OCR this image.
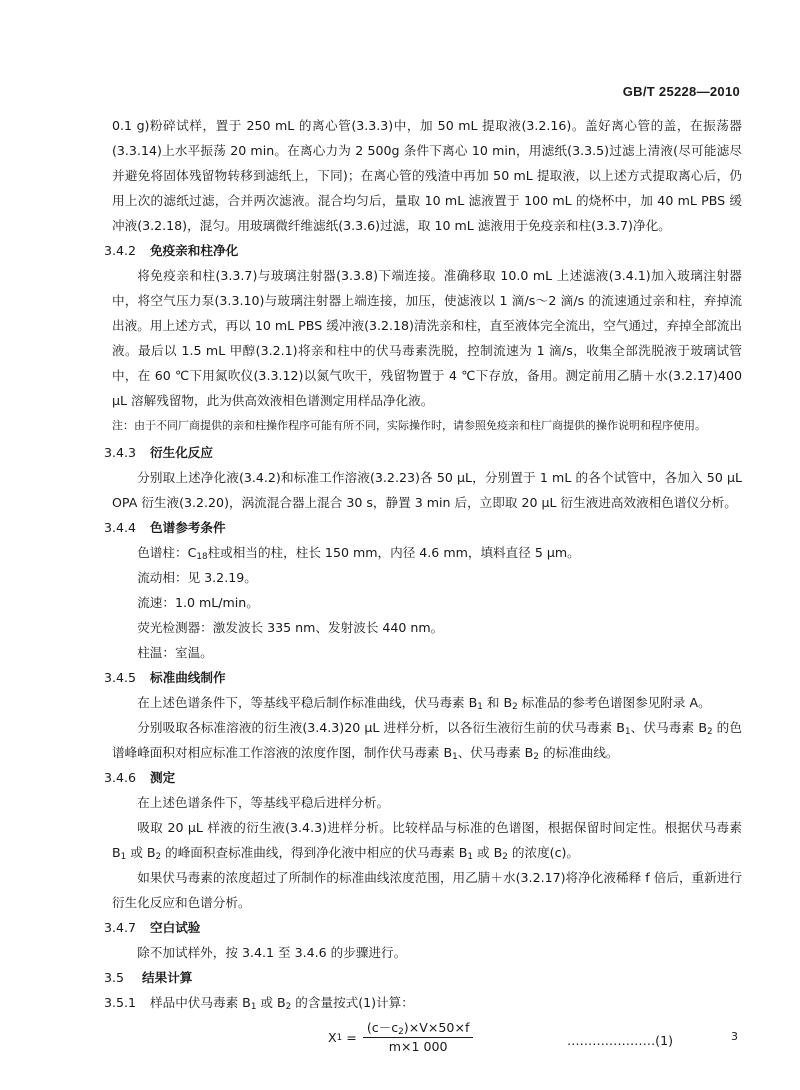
GB/T 25228—2010

0.1 g)粉碎试样，置于 250 mL 的离心管(3.3.3)中，加 50 mL 提取液(3.2.16)。盖好离心管的盖，在振荡器(3.3.14)上水平振荡 20 min。在离心力为 2 500g 条件下离心 10 min，用滤纸(3.3.5)过滤上清液(尽可能滤尽并避免将固体残留物转移到滤纸上，下同)；在离心管的残渣中再加 50 mL 提取液，以上述方式提取离心后，仍用上次的滤纸过滤，合并两次滤液。混合均匀后，量取 10 mL 滤液置于 100 mL 的烧杯中，加 40 mL PBS 缓冲液(3.2.18)，混匀。用玻璃微纤维滤纸(3.3.6)过滤，取 10 mL 滤液用于免疫亲和柱(3.3.7)净化。

3.4.2 免疫亲和柱净化

将免疫亲和柱(3.3.7)与玻璃注射器(3.3.8)下端连接。准确移取 10.0 mL 上述滤液(3.4.1)加入玻璃注射器中，将空气压力泵(3.3.10)与玻璃注射器上端连接，加压，使滤液以 1 滴/s～2 滴/s 的流速通过亲和柱，弃掉流出液。用上述方式，再以 10 mL PBS 缓冲液(3.2.18)清洗亲和柱，直至液体完全流出，空气通过，弃掉全部流出液。最后以 1.5 mL 甲醇(3.2.1)将亲和柱中的伏马毒素洗脱，控制流速为 1 滴/s，收集全部洗脱液于玻璃试管中，在 60 ℃下用氮吹仪(3.3.12)以氮气吹干，残留物置于 4 ℃下存放，备用。测定前用乙腈＋水(3.2.17)400 μL 溶解残留物，此为供高效液相色谱测定用样品净化液。

注：由于不同厂商提供的亲和柱操作程序可能有所不同，实际操作时，请参照免疫亲和柱厂商提供的操作说明和程序使用。

3.4.3 衍生化反应

分别取上述净化液(3.4.2)和标准工作溶液(3.2.23)各 50 μL，分别置于 1 mL 的各个试管中，各加入 50 μL OPA 衍生液(3.2.20)，涡流混合器上混合 30 s，静置 3 min 后，立即取 20 μL 衍生液进高效液相色谱仪分析。

3.4.4 色谱参考条件

色谱柱：$C_{18}$柱或相当的柱，柱长 150 mm，内径 4.6 mm，填料直径 5 μm。

流动相：见 3.2.19。

流速：1.0 mL/min。

荧光检测器：激发波长 335 nm、发射波长 440 nm。

柱温：室温。

3.4.5 标准曲线制作

在上述色谱条件下，等基线平稳后制作标准曲线，伏马毒素 $B_1$ 和 $B_2$ 标准品的参考色谱图参见附录 A。

分别吸取各标准溶液的衍生液(3.4.3)20 μL 进样分析，以各衍生液衍生前的伏马毒素 $B_1$、伏马毒素 $B_2$ 的色谱峰峰面积对相应标准工作溶液的浓度作图，制作伏马毒素 $B_1$、伏马毒素 $B_2$ 的标准曲线。

3.4.6 测定

在上述色谱条件下，等基线平稳后进样分析。

吸取 20 μL 样液的衍生液(3.4.3)进样分析。比较样品与标准的色谱图，根据保留时间定性。根据伏马毒素 $B_1$ 或 $B_2$ 的峰面积查标准曲线，得到净化液中相应的伏马毒素 $B_1$ 或 $B_2$ 的浓度(c)。

如果伏马毒素的浓度超过了所制作的标准曲线浓度范围，用乙腈＋水(3.2.17)将净化液稀释 f 倍后，重新进行衍生化反应和色谱分析。

3.4.7 空白试验

除不加试样外，按 3.4.1 至 3.4.6 的步骤进行。

3.5 结果计算

3.5.1 样品中伏马毒素 $B_1$ 或 $B_2$ 的含量按式(1)计算：

X $1 = \frac{(c-c_2)\times V\times 50\times f}{m\times 1 000}$	…………………(1)	3
